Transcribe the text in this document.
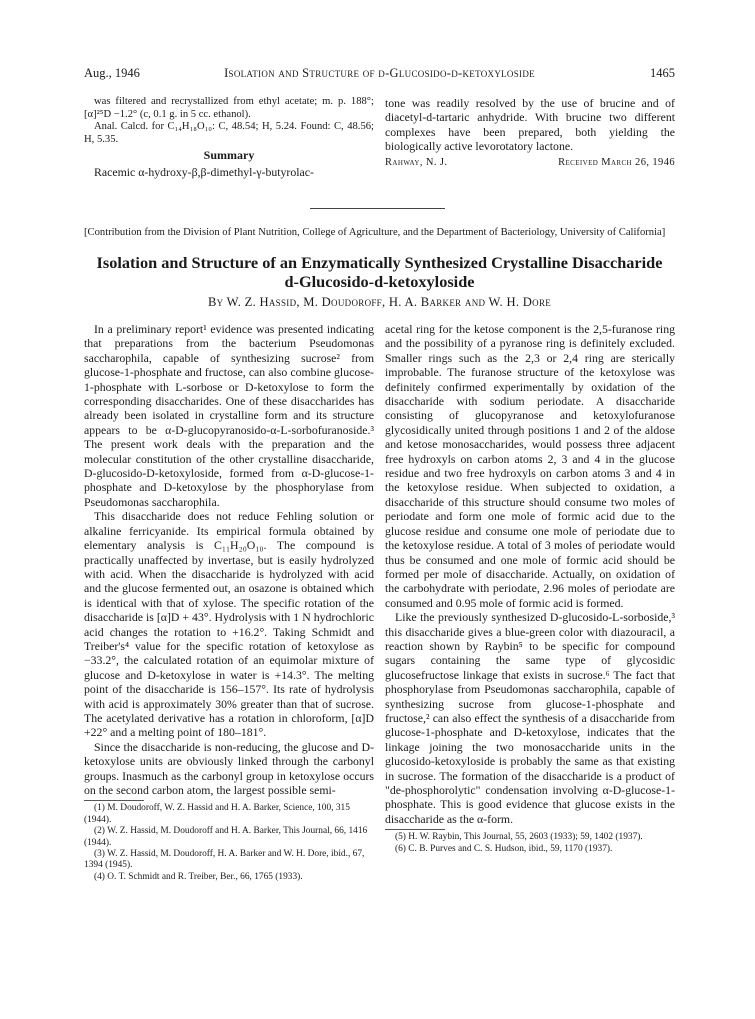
Aug., 1946	Isolation and Structure of d-Glucosido-d-ketoxyloside	1465

was filtered and recrystallized from ethyl acetate; m. p. 188°; [α]²⁵D −1.2° (c, 0.1 g. in 5 cc. ethanol).

Anal. Calcd. for C₁₄H₁₈O₁₀: C, 48.54; H, 5.24. Found: C, 48.56; H, 5.35.

Summary

Racemic α-hydroxy-β,β-dimethyl-γ-butyrolac-

tone was readily resolved by the use of brucine and of diacetyl-d-tartaric anhydride. With brucine two different complexes have been prepared, both yielding the biologically active levorotatory lactone.

Rahway, N. J.	Received March 26, 1946
[Contribution from the Division of Plant Nutrition, College of Agriculture, and the Department of Bacteriology, University of California]
Isolation and Structure of an Enzymatically Synthesized Crystalline Disaccharide
d-Glucosido-d-ketoxyloside
By W. Z. Hassid, M. Doudoroff, H. A. Barker and W. H. Dore

In a preliminary report¹ evidence was presented indicating that preparations from the bacterium Pseudomonas saccharophila, capable of synthesizing sucrose² from glucose-1-phosphate and fructose, can also combine glucose-1-phosphate with L-sorbose or D-ketoxylose to form the corresponding disaccharides. One of these disaccharides has already been isolated in crystalline form and its structure appears to be α-D-glucopyranosido-α-L-sorbofuranoside.³ The present work deals with the preparation and the molecular constitution of the other crystalline disaccharide, D-glucosido-D-ketoxyloside, formed from α-D-glucose-1-phosphate and D-ketoxylose by the phosphorylase from Pseudomonas saccharophila.

This disaccharide does not reduce Fehling solution or alkaline ferricyanide. Its empirical formula obtained by elementary analysis is C₁₁H₂₀O₁₀. The compound is practically unaffected by invertase, but is easily hydrolyzed with acid. When the disaccharide is hydrolyzed with acid and the glucose fermented out, an osazone is obtained which is identical with that of xylose. The specific rotation of the disaccharide is [α]D + 43°. Hydrolysis with 1 N hydrochloric acid changes the rotation to +16.2°. Taking Schmidt and Treiber's⁴ value for the specific rotation of ketoxylose as −33.2°, the calculated rotation of an equimolar mixture of glucose and D-ketoxylose in water is +14.3°. The melting point of the disaccharide is 156–157°. Its rate of hydrolysis with acid is approximately 30% greater than that of sucrose. The acetylated derivative has a rotation in chloroform, [α]D +22° and a melting point of 180–181°.

Since the disaccharide is non-reducing, the glucose and D-ketoxylose units are obviously linked through the carbonyl groups. Inasmuch as the carbonyl group in ketoxylose occurs on the second carbon atom, the largest possible semi-

(1) M. Doudoroff, W. Z. Hassid and H. A. Barker, Science, 100, 315 (1944).

(2) W. Z. Hassid, M. Doudoroff and H. A. Barker, This Journal, 66, 1416 (1944).

(3) W. Z. Hassid, M. Doudoroff, H. A. Barker and W. H. Dore, ibid., 67, 1394 (1945).

(4) O. T. Schmidt and R. Treiber, Ber., 66, 1765 (1933).

acetal ring for the ketose component is the 2,5-furanose ring and the possibility of a pyranose ring is definitely excluded. Smaller rings such as the 2,3 or 2,4 ring are sterically improbable. The furanose structure of the ketoxylose was definitely confirmed experimentally by oxidation of the disaccharide with sodium periodate. A disaccharide consisting of glucopyranose and ketoxylofuranose glycosidically united through positions 1 and 2 of the aldose and ketose monosaccharides, would possess three adjacent free hydroxyls on carbon atoms 2, 3 and 4 in the glucose residue and two free hydroxyls on carbon atoms 3 and 4 in the ketoxylose residue. When subjected to oxidation, a disaccharide of this structure should consume two moles of periodate and form one mole of formic acid due to the glucose residue and consume one mole of periodate due to the ketoxylose residue. A total of 3 moles of periodate would thus be consumed and one mole of formic acid should be formed per mole of disaccharide. Actually, on oxidation of the carbohydrate with periodate, 2.96 moles of periodate are consumed and 0.95 mole of formic acid is formed.

Like the previously synthesized D-glucosido-L-sorboside,³ this disaccharide gives a blue-green color with diazouracil, a reaction shown by Raybin⁵ to be specific for compound sugars containing the same type of glycosidic glucosefructose linkage that exists in sucrose.⁶ The fact that phosphorylase from Pseudomonas saccharophila, capable of synthesizing sucrose from glucose-1-phosphate and fructose,² can also effect the synthesis of a disaccharide from glucose-1-phosphate and D-ketoxylose, indicates that the linkage joining the two monosaccharide units in the glucosido-ketoxyloside is probably the same as that existing in sucrose. The formation of the disaccharide is a product of "de-phosphorolytic" condensation involving α-D-glucose-1-phosphate. This is good evidence that glucose exists in the disaccharide as the α-form.

(5) H. W. Raybin, This Journal, 55, 2603 (1933); 59, 1402 (1937).

(6) C. B. Purves and C. S. Hudson, ibid., 59, 1170 (1937).
